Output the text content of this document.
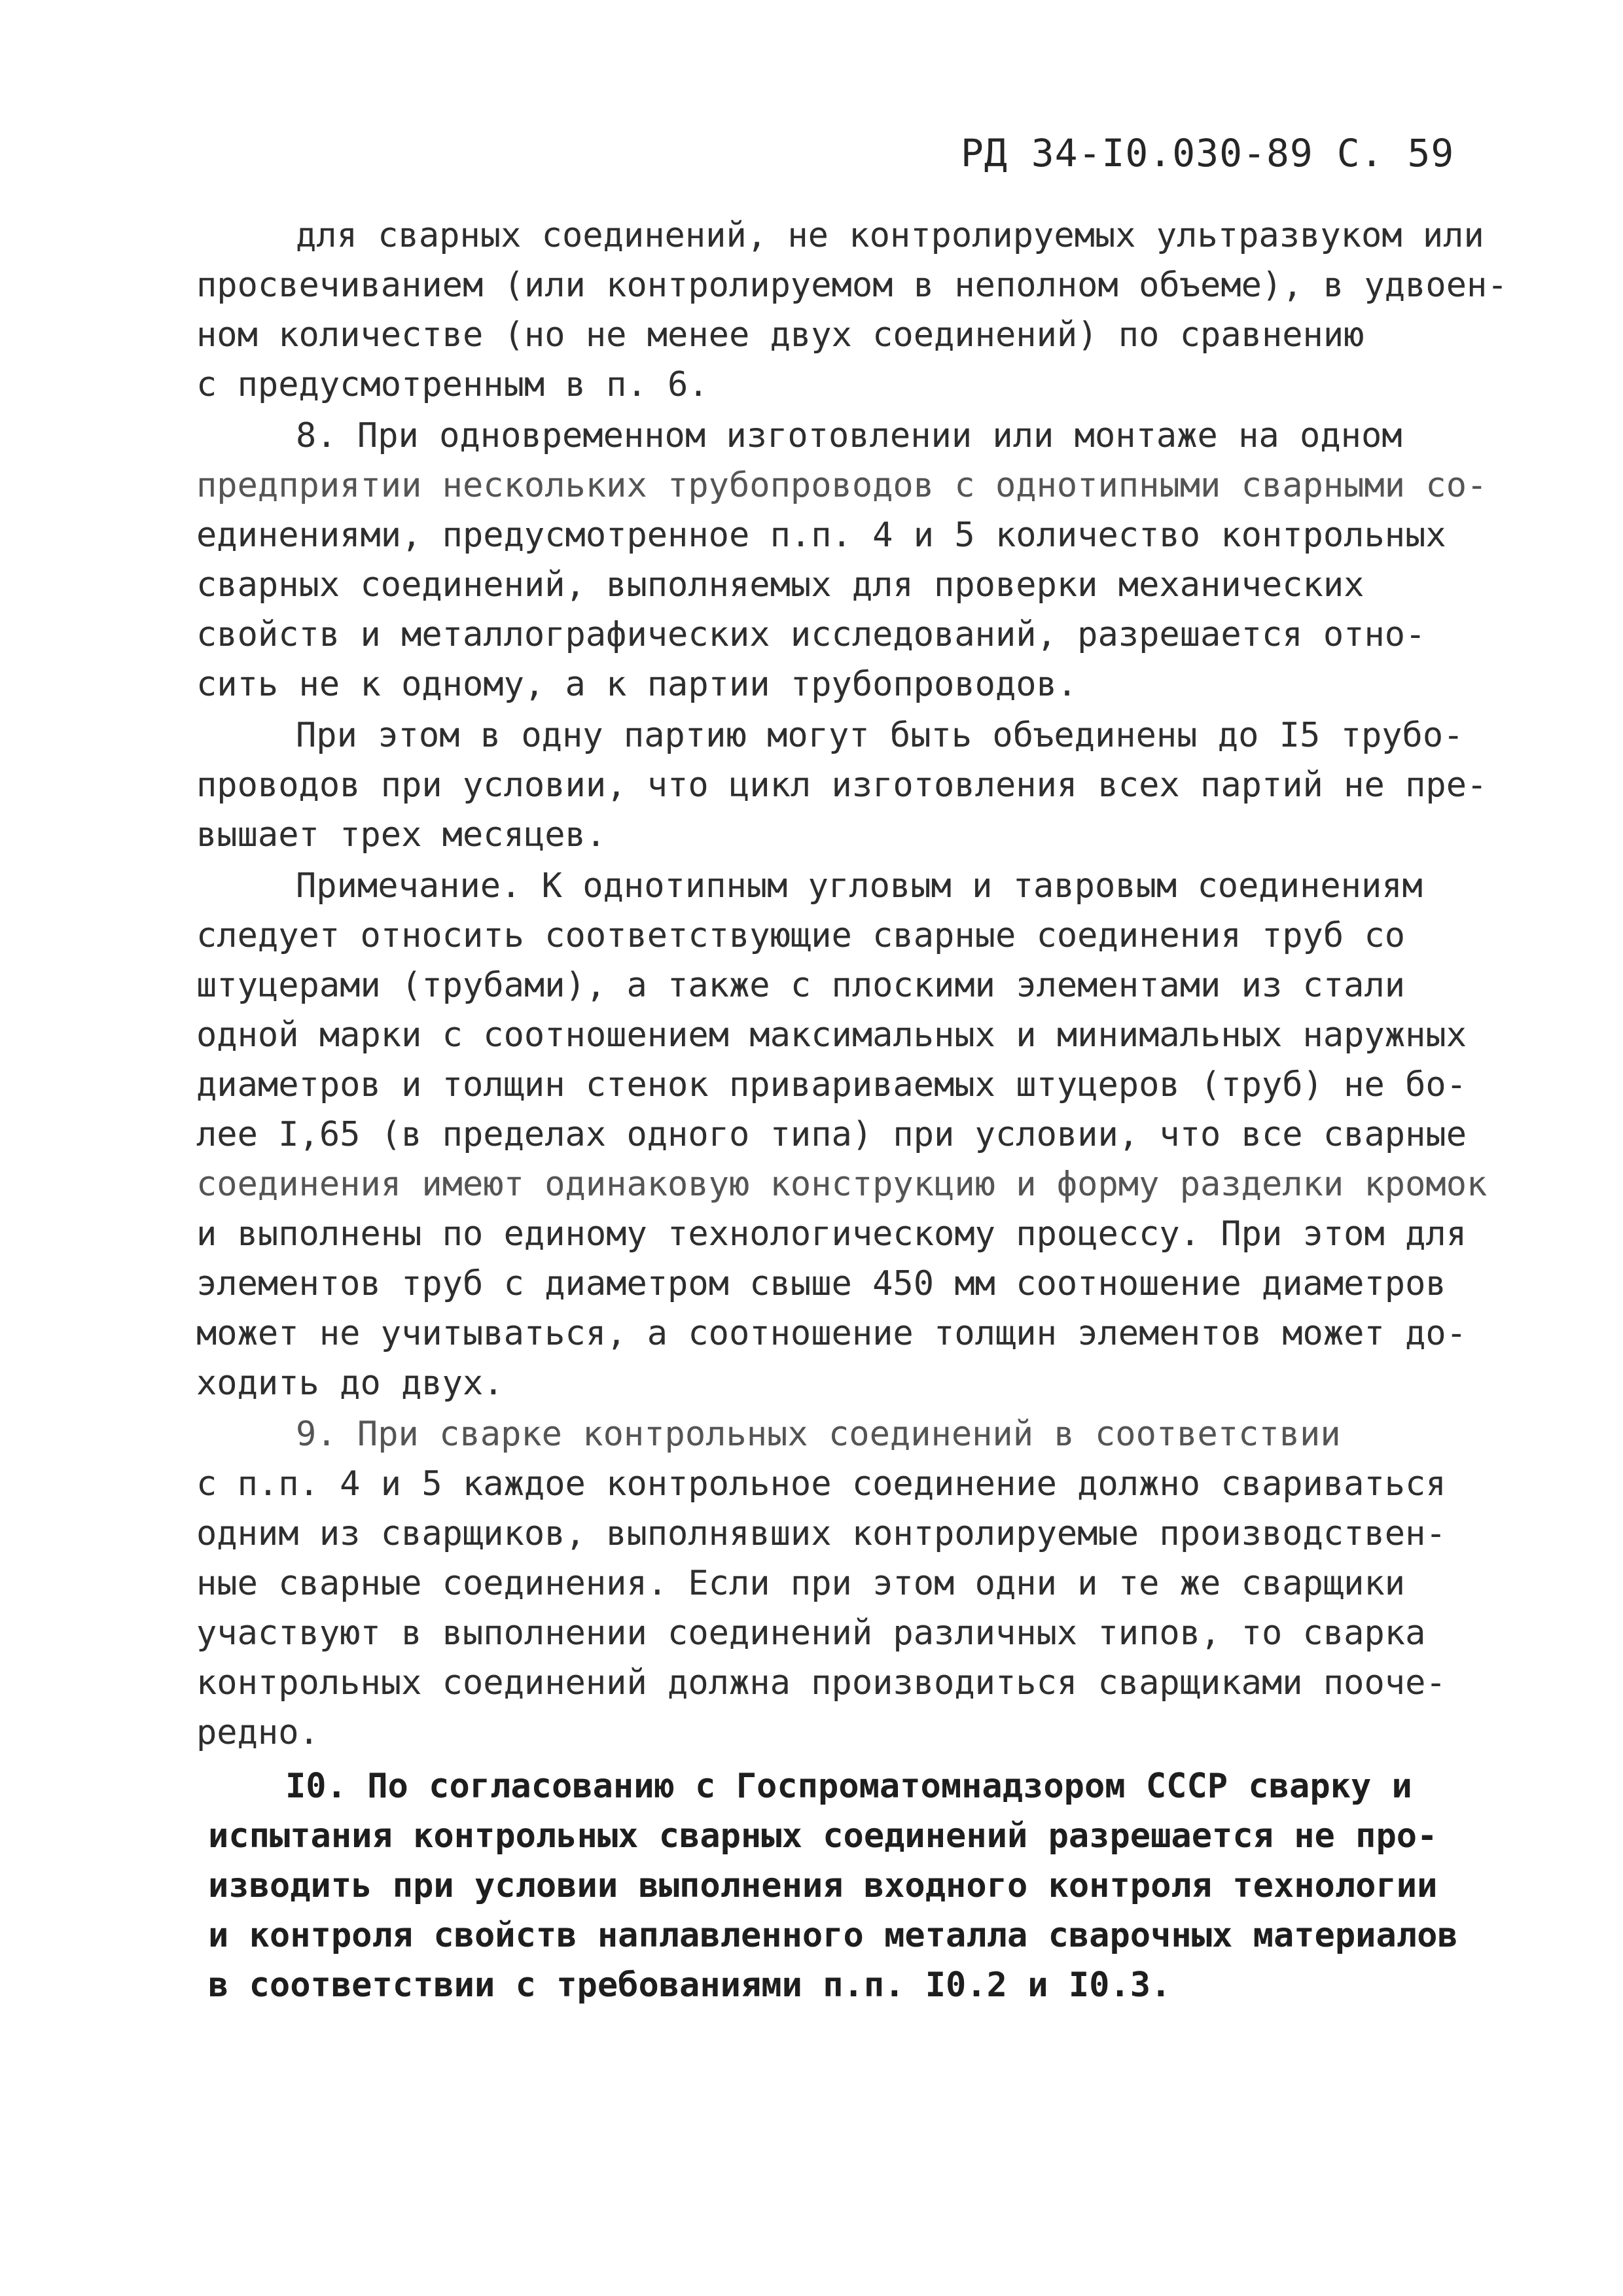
РД 34-I0.030-89 С. 59
для сварных соединений, не контролируемых ультразвуком или
просвечиванием (или контролируемом в неполном объеме), в удвоен-
ном количестве (но не менее двух соединений) по сравнению
с предусмотренным в п. 6.
8. При одновременном изготовлении или монтаже на одном
предприятии нескольких трубопроводов с однотипными сварными со-
единениями, предусмотренное п.п. 4 и 5 количество контрольных
сварных соединений, выполняемых для проверки механических
свойств и металлографических исследований, разрешается отно-
сить не к одному, а к партии трубопроводов.
При этом в одну партию могут быть объединены до I5 трубо-
проводов при условии, что цикл изготовления всех партий не пре-
вышает трех месяцев.
Примечание. К однотипным угловым и тавровым соединениям
следует относить соответствующие сварные соединения труб со
штуцерами (трубами), а также с плоскими элементами из стали
одной марки с соотношением максимальных и минимальных наружных
диаметров и толщин стенок привариваемых штуцеров (труб) не бо-
лее I,65 (в пределах одного типа) при условии, что все сварные
соединения имеют одинаковую конструкцию и форму разделки кромок
и выполнены по единому технологическому процессу. При этом для
элементов труб с диаметром свыше 450 мм соотношение диаметров
может не учитываться, а соотношение толщин элементов может до-
ходить до двух.
9. При сварке контрольных соединений в соответствии
с п.п. 4 и 5 каждое контрольное соединение должно свариваться
одним из сварщиков, выполнявших контролируемые производствен-
ные сварные соединения. Если при этом одни и те же сварщики
участвуют в выполнении соединений различных типов, то сварка
контрольных соединений должна производиться сварщиками пооче-
редно.
I0. По согласованию с Госпроматомнадзором СССР сварку и
испытания контрольных сварных соединений разрешается не про-
изводить при условии выполнения входного контроля технологии
и контроля свойств наплавленного металла сварочных материалов
в соответствии с требованиями п.п. I0.2 и I0.3.
